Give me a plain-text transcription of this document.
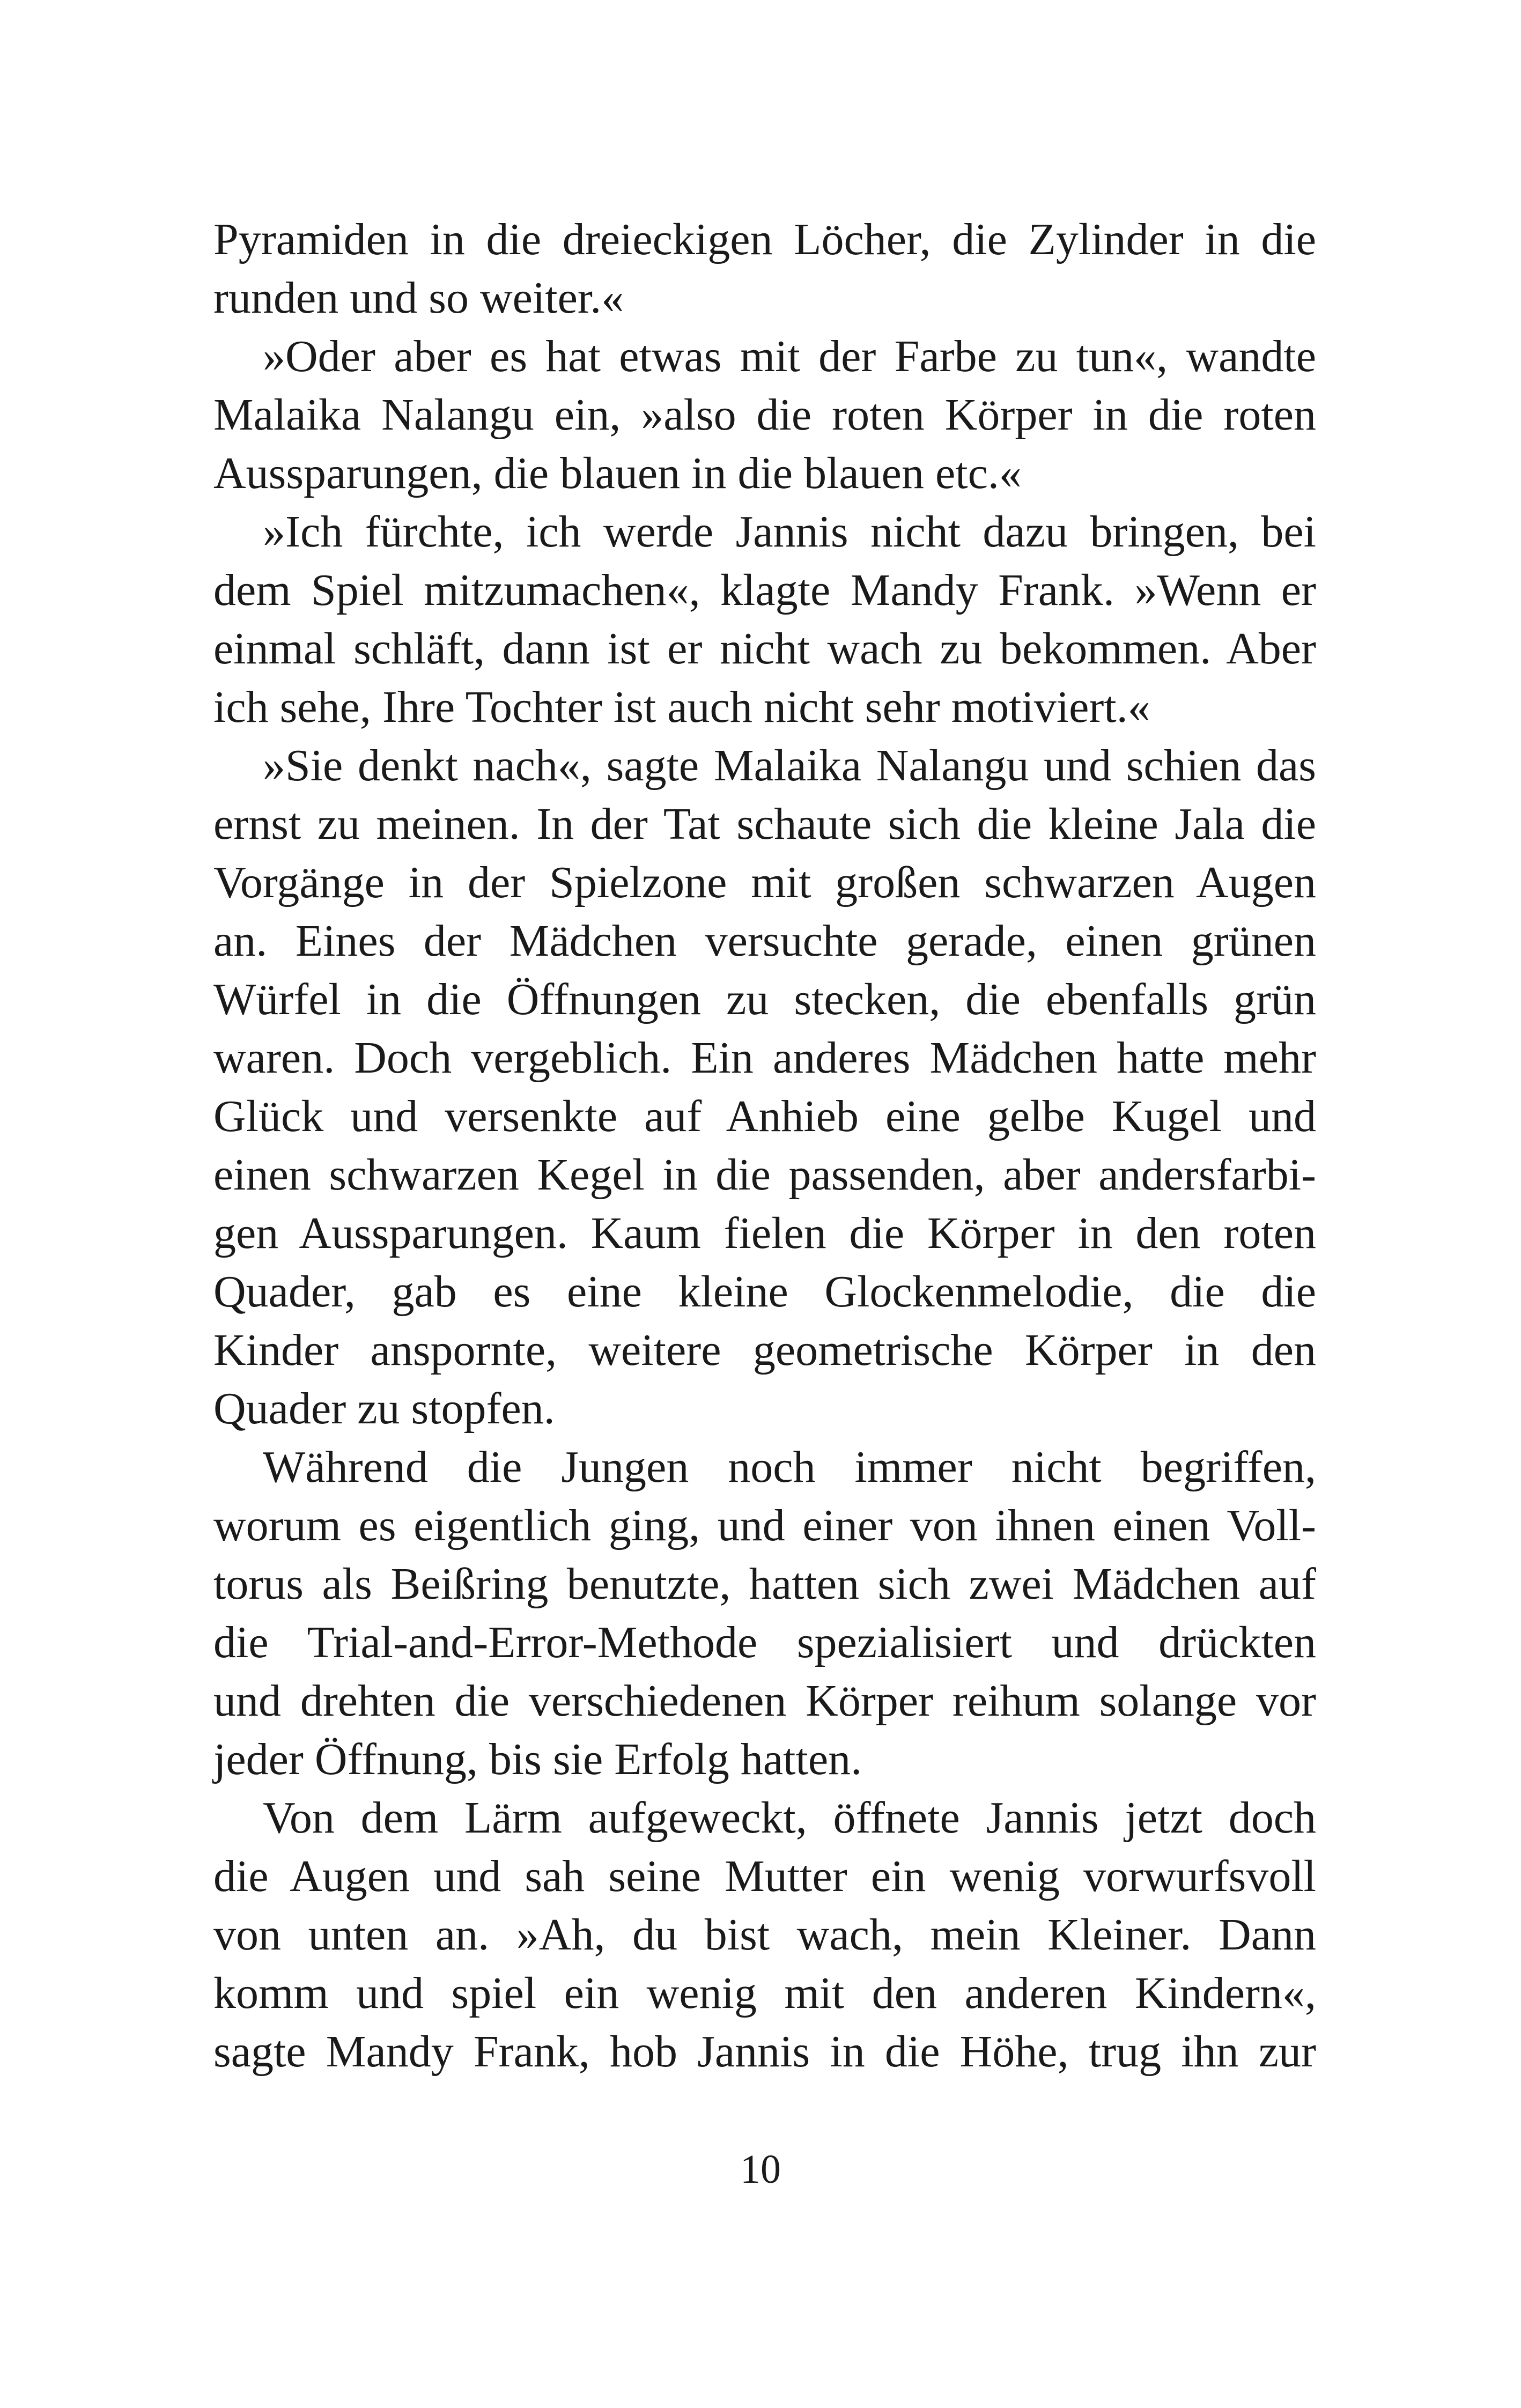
Pyramiden in die dreieckigen Löcher, die Zylinder in die
runden und so weiter.«
»Oder aber es hat etwas mit der Farbe zu tun«, wandte
Malaika Nalangu ein, »also die roten Körper in die roten
Aussparungen, die blauen in die blauen etc.«
»Ich fürchte, ich werde Jannis nicht dazu bringen, bei
dem Spiel mitzumachen«, klagte Mandy Frank. »Wenn er
einmal schläft, dann ist er nicht wach zu bekommen. Aber
ich sehe, Ihre Tochter ist auch nicht sehr motiviert.«
»Sie denkt nach«, sagte Malaika Nalangu und schien das
ernst zu meinen. In der Tat schaute sich die kleine Jala die
Vorgänge in der Spielzone mit großen schwarzen Augen
an. Eines der Mädchen versuchte gerade, einen grünen
Würfel in die Öffnungen zu stecken, die ebenfalls grün
waren. Doch vergeblich. Ein anderes Mädchen hatte mehr
Glück und versenkte auf Anhieb eine gelbe Kugel und
einen schwarzen Kegel in die passenden, aber andersfarbi-
gen Aussparungen. Kaum fielen die Körper in den roten
Quader, gab es eine kleine Glockenmelodie, die die
Kinder anspornte, weitere geometrische Körper in den
Quader zu stopfen.
Während die Jungen noch immer nicht begriffen,
worum es eigentlich ging, und einer von ihnen einen Voll-
torus als Beißring benutzte, hatten sich zwei Mädchen auf
die Trial-and-Error-Methode spezialisiert und drückten
und drehten die verschiedenen Körper reihum solange vor
jeder Öffnung, bis sie Erfolg hatten.
Von dem Lärm aufgeweckt, öffnete Jannis jetzt doch
die Augen und sah seine Mutter ein wenig vorwurfsvoll
von unten an. »Ah, du bist wach, mein Kleiner. Dann
komm und spiel ein wenig mit den anderen Kindern«,
sagte Mandy Frank, hob Jannis in die Höhe, trug ihn zur
10
